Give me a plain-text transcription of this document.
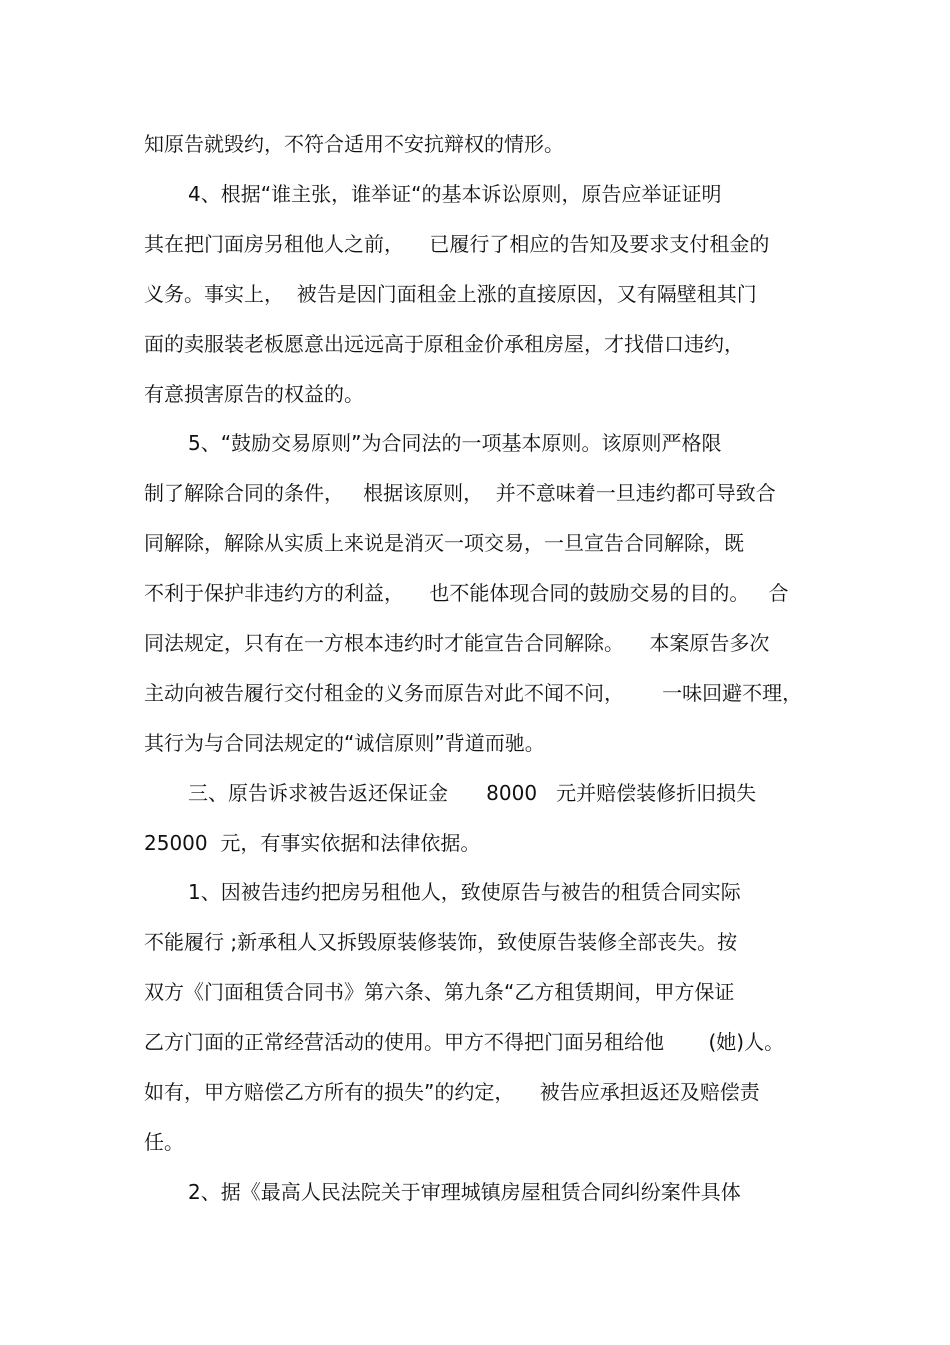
知原告就毁约，不符合适用不安抗辩权的情形。
4、根据“谁主张，谁举证“的基本诉讼原则，原告应举证证明
其在把门面房另租他人之前，    已履行了相应的告知及要求支付租金的
义务。事实上，  被告是因门面租金上涨的直接原因，又有隔壁租其门
面的卖服装老板愿意出远远高于原租金价承租房屋，才找借口违约，
有意损害原告的权益的。
5、“鼓励交易原则”为合同法的一项基本原则。该原则严格限
制了解除合同的条件，   根据该原则，  并不意味着一旦违约都可导致合
同解除，解除从实质上来说是消灭一项交易，一旦宣告合同解除，既
不利于保护非违约方的利益，    也不能体现合同的鼓励交易的目的。   合
同法规定，只有在一方根本违约时才能宣告合同解除。    本案原告多次
主动向被告履行交付租金的义务而原告对此不闻不问，      一味回避不理，
其行为与合同法规定的“诚信原则”背道而驰。
三、原告诉求被告返还保证金      8000   元并赔偿装修折旧损失
25000  元，有事实依据和法律依据。
1、因被告违约把房另租他人，致使原告与被告的租赁合同实际
不能履行 ;新承租人又拆毁原装修装饰，致使原告装修全部丧失。按
双方《门面租赁合同书》第六条、第九条“乙方租赁期间，甲方保证
乙方门面的正常经营活动的使用。甲方不得把门面另租给他       (她)人。
如有，甲方赔偿乙方所有的损失”的约定，    被告应承担返还及赔偿责
任。
2、据《最高人民法院关于审理城镇房屋租赁合同纠纷案件具体
